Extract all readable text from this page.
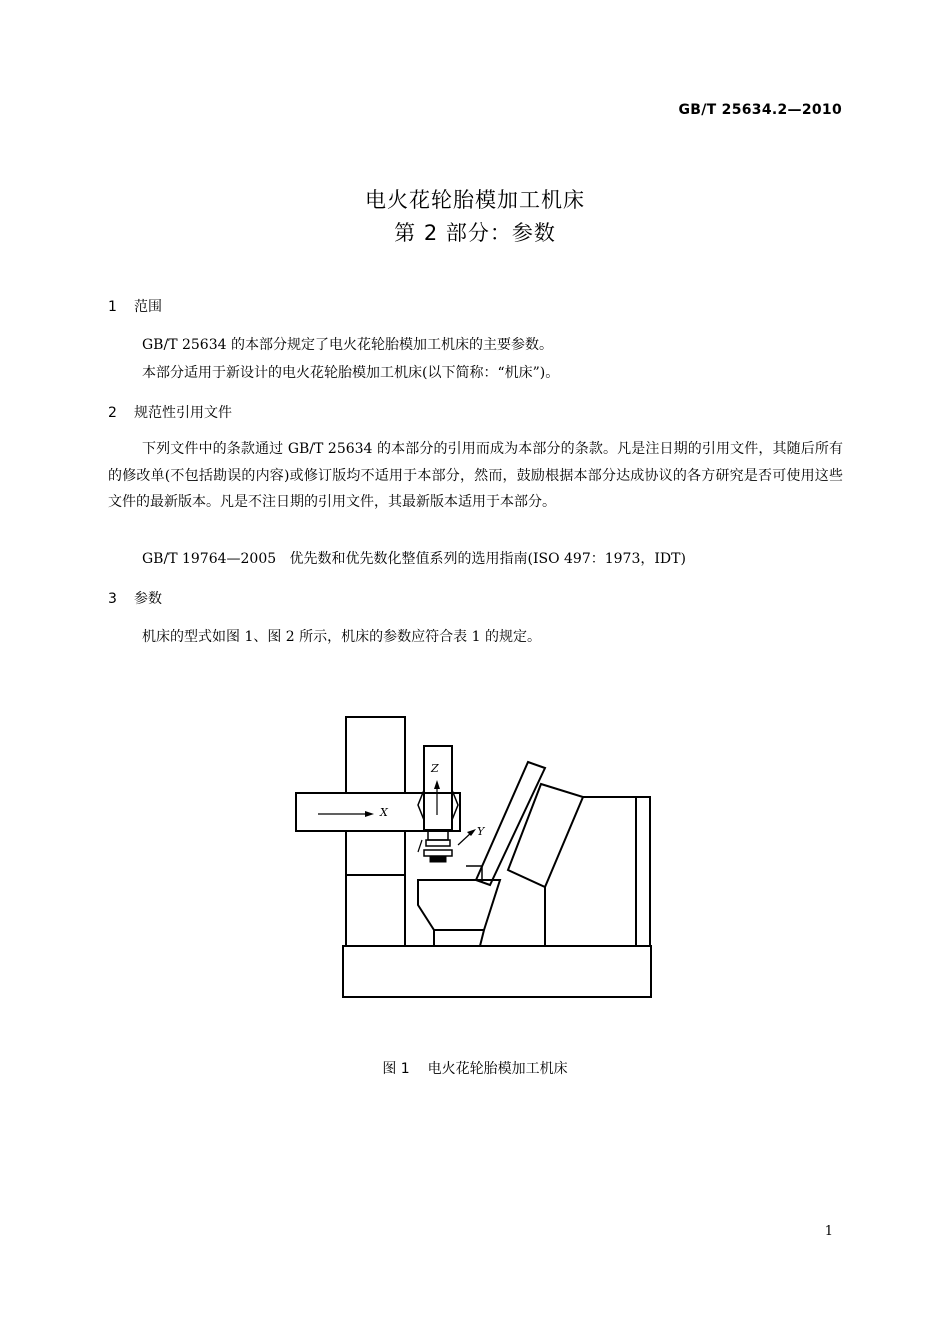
GB/T 25634.2—2010
电火花轮胎模加工机床
第 2 部分：参数
1 范围
GB/T 25634 的本部分规定了电火花轮胎模加工机床的主要参数。
本部分适用于新设计的电火花轮胎模加工机床(以下简称：“机床”)。
2 规范性引用文件

下列文件中的条款通过 GB/T 25634 的本部分的引用而成为本部分的条款。凡是注日期的引用文件，其随后所有的修改单(不包括勘误的内容)或修订版均不适用于本部分，然而，鼓励根据本部分达成协议的各方研究是否可使用这些文件的最新版本。凡是不注日期的引用文件，其最新版本适用于本部分。

GB/T 19764—2005   优先数和优先数化整值系列的选用指南(ISO 497：1973，IDT)
3 参数
机床的型式如图 1、图 2 所示，机床的参数应符合表 1 的规定。
X
Z
Y
图 1 电火花轮胎模加工机床
1
